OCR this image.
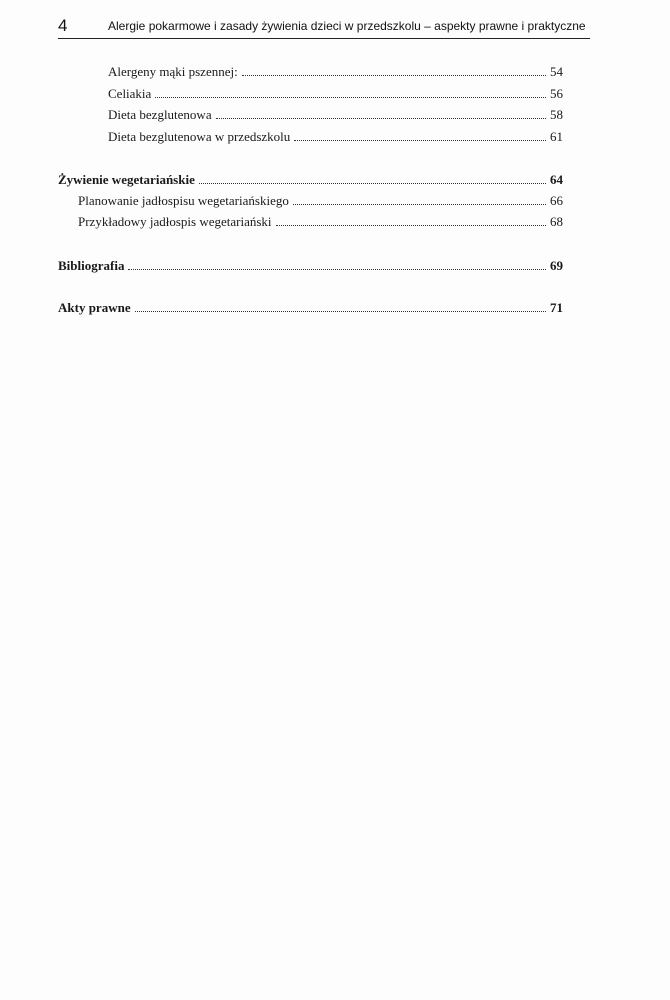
4	Alergie pokarmowe i zasady żywienia dzieci w przedszkolu – aspekty prawne i praktyczne
Alergeny mąki pszennej:	54
Celiakia	56
Dieta bezglutenowa	58
Dieta bezglutenowa w przedszkolu	61
Żywienie wegetariańskie	64
Planowanie jadłospisu wegetariańskiego	66
Przykładowy jadłospis wegetariański	68
Bibliografia	69
Akty prawne	71
